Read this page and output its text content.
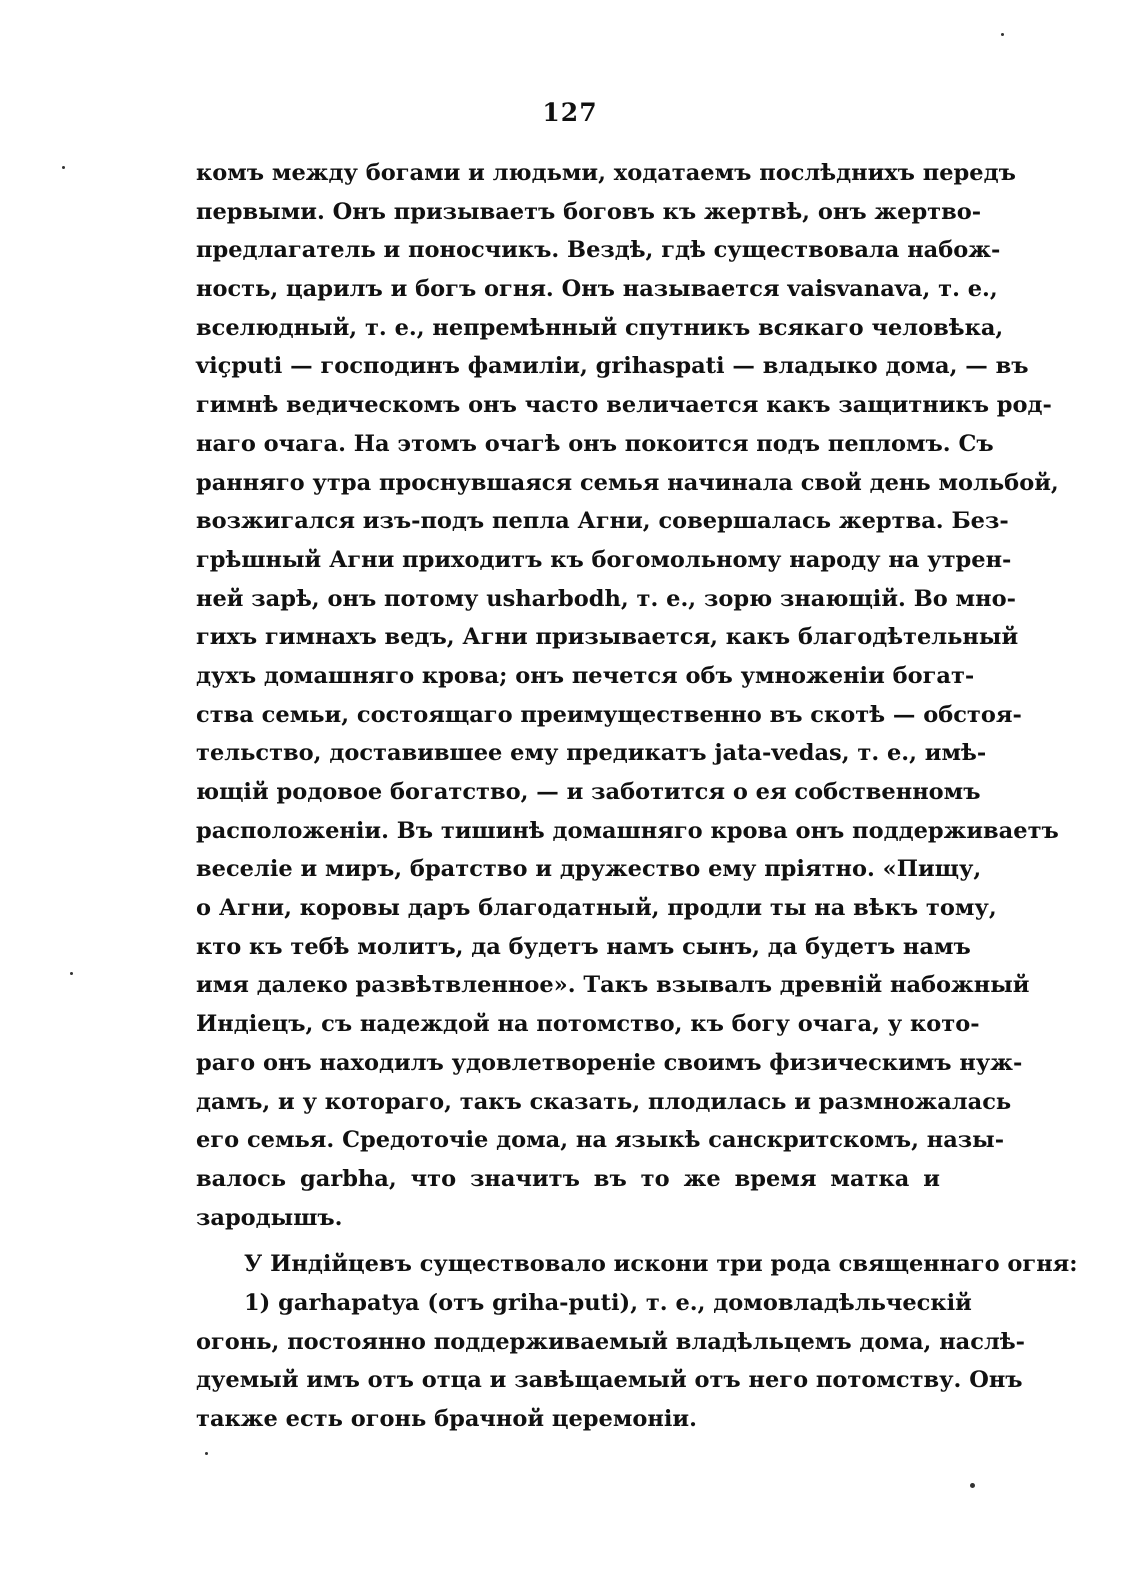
127
комъ между богами и людьми, ходатаемъ послѣднихъ передъ
первыми. Онъ призываетъ боговъ къ жертвѣ, онъ жертво-
предлагатель и поносчикъ. Вездѣ, гдѣ существовала набож-
ность, царилъ и богъ огня. Онъ называется vaisvanava, т. е.,
вселюдный, т. е., непремѣнный спутникъ всякаго человѣка,
viçputi — господинъ фамиліи, grihaspati — владыко дома, — въ
гимнѣ ведическомъ онъ часто величается какъ защитникъ род-
наго очага. На этомъ очагѣ онъ покоится подъ пепломъ. Съ
ранняго утра проснувшаяся семья начинала свой день мольбой,
возжигался изъ-подъ пепла Агни, совершалась жертва. Без-
грѣшный Агни приходитъ къ богомольному народу на утрен-
ней зарѣ, онъ потому usharbodh, т. е., зорю знающій. Во мно-
гихъ гимнахъ ведъ, Агни призывается, какъ благодѣтельный
духъ домашняго крова; онъ печется объ умноженіи богат-
ства семьи, состоящаго преимущественно въ скотѣ — обстоя-
тельство, доставившее ему предикатъ jata-vedas, т. е., имѣ-
ющій родовое богатство, — и заботится о ея собственномъ
расположеніи. Въ тишинѣ домашняго крова онъ поддерживаетъ
веселіе и миръ, братство и дружество ему пріятно. «Пищу,
о Агни, коровы даръ благодатный, продли ты на вѣкъ тому,
кто къ тебѣ молитъ, да будетъ намъ сынъ, да будетъ намъ
имя далеко развѣтвленное». Такъ взывалъ древній набожный
Индіецъ, съ надеждой на потомство, къ богу очага, у кото-
раго онъ находилъ удовлетвореніе своимъ физическимъ нуж-
дамъ, и у котораго, такъ сказать, плодилась и размножалась
его семья. Средоточіе дома, на языкѣ санскритскомъ, назы-
валось garbha, что значитъ въ то же время матка и
зародышъ.
У Индійцевъ существовало искони три рода священнаго огня:
1) garhapatya (отъ griha-puti), т. е., домовладѣльческій
огонь, постоянно поддерживаемый владѣльцемъ дома, наслѣ-
дуемый имъ отъ отца и завѣщаемый отъ него потомству. Онъ
также есть огонь брачной церемоніи.
